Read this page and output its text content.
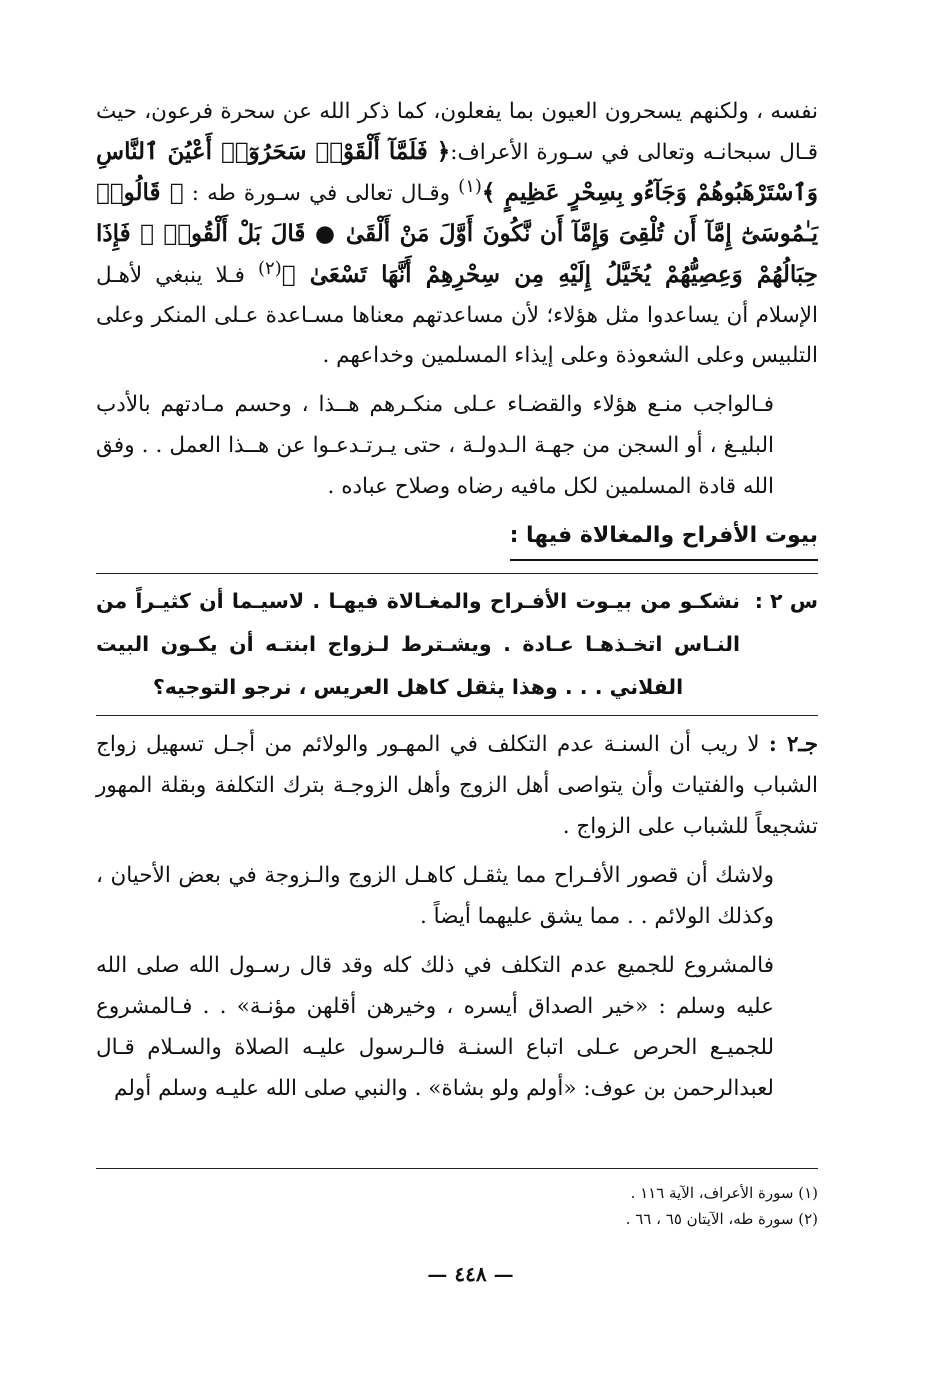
نفسه ، ولكنهم يسحرون العيون بما يفعلون، كما ذكر الله عن سحرة فرعون، حيث قـال سبحانـه وتعالى في سـورة الأعراف:﴿ فَلَمَّآ أَلْقَوْا۟ سَحَرُوٓا۟ أَعْيُنَ ٱلنَّاسِ وَٱسْتَرْهَبُوهُمْ وَجَآءُو بِسِحْرٍ عَظِيمٍ ﴾$^{(١)}$ وقـال تعالى في سـورة طه : ﴿ قَالُوا۟ يَـٰمُوسَىٰٓ إِمَّآ أَن تُلْقِىَ وَإِمَّآ أَن نَّكُونَ أَوَّلَ مَنْ أَلْقَىٰ ● قَالَ بَلْ أَلْقُوا۟ ۖ فَإِذَا حِبَالُهُمْ وَعِصِيُّهُمْ يُخَيَّلُ إِلَيْهِ مِن سِحْرِهِمْ أَنَّهَا تَسْعَىٰ ﴾$^{(٢)}$ فـلا ينبغي لأهـل الإسلام أن يساعدوا مثل هؤلاء؛ لأن مساعدتهم معناها مسـاعدة عـلى المنكر وعلى التلبيس وعلى الشعوذة وعلى إيذاء المسلمين وخداعهم .

فـالواجب منـع هؤلاء والقضـاء عـلى منكـرهم هــذا ، وحسم مـادتهم بالأدب البليـغ ، أو السجن من جهـة الـدولـة ، حتى يـرتـدعـوا عن هــذا العمل . . وفق الله قادة المسلمين لكل مافيه رضاه وصلاح عباده .

بيوت الأفراح والمغالاة فيها :
س ٢ :
نشكـو من بيـوت الأفـراح والمغـالاة فيهـا . لاسيـما أن كثيـراً من النـاس اتخـذهـا عـادة . ويشـترط لـزواج ابنتـه أن يكـون البيت الفلاني . . . وهذا يثقل كاهل العريس ، نرجو التوجيه؟

جـ٢ : لا ريب أن السنـة عدم التكلف في المهـور والولائم من أجـل تسهيل زواج الشباب والفتيات وأن يتواصى أهل الزوج وأهل الزوجـة بترك التكلفة وبقلة المهور تشجيعاً للشباب على الزواج .

ولاشك أن قصور الأفـراح مما يثقـل كاهـل الزوج والـزوجة في بعض الأحيان ، وكذلك الولائم . . مما يشق عليهما أيضاً .

فالمشروع للجميع عدم التكلف في ذلك كله وقد قال رسـول الله صلى الله عليه وسلم : «خير الصداق أيسره ، وخيرهن أقلهن مؤنـة» . . فـالمشروع للجميـع الحرص عـلى اتباع السنـة فالـرسول عليـه الصلاة والسـلام قـال لعبدالرحمن بن عوف: «أولم ولو بشاة» . والنبي صلى الله عليـه وسلم أولم

(١) سورة الأعراف، الآية ١١٦ .

(٢) سورة طه، الآيتان ٦٥ ، ٦٦ .

— ٤٤٨ —
